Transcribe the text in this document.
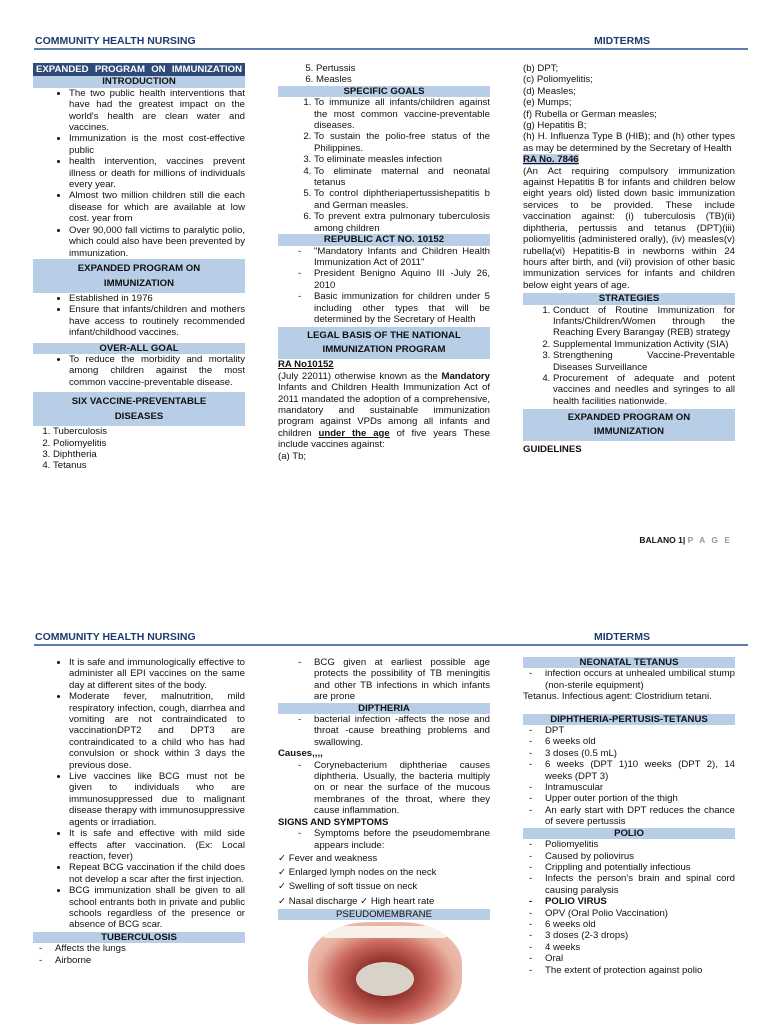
COMMUNITY HEALTH NURSING	MIDTERMS
EXPANDED PROGRAM ON IMMUNIZATION
INTRODUCTION
• The two public health interventions that have had the greatest impact on the world's health are clean water and vaccines.
• Immunization is the most cost-effective public
• health intervention, vaccines prevent illness or death for millions of individuals every year.
• Almost two million children still die each disease for which are available at low cost. year from
• Over 90,000 fall victims to paralytic polio, which could also have been prevented by immunization.
EXPANDED PROGRAM ON IMMUNIZATION
• Established in 1976
• Ensure that infants/children and mothers have access to routinely recommended infant/childhood vaccines.
OVER-ALL GOAL
• To reduce the morbidity and mortality among children against the most common vaccine-preventable disease.
SIX VACCINE-PREVENTABLE DISEASES
1. Tuberculosis
2. Poliomyelitis
3. Diphtheria
4. Tetanus
5. Pertussis
6. Measles
SPECIFIC GOALS
1. To immunize all infants/children against the most common vaccine-preventable diseases.
2. To sustain the polio-free status of the Philippines.
3. To eliminate measles infection
4. To eliminate maternal and neonatal tetanus
5. To control diphtheriapertussishepatitis b and German measles.
6. To prevent extra pulmonary tuberculosis among children
REPUBLIC ACT NO. 10152
- "Mandatory Infants and Children Health Immunization Act of 2011"
- President Benigno Aquino III -July 26, 2010
- Basic immunization for children under 5 including other types that will be determined by the Secretary of Health
LEGAL BASIS OF THE NATIONAL IMMUNIZATION PROGRAM
RA No10152
(July 22011) otherwise known as the Mandatory Infants and Children Health Immunization Act of 2011 mandated the adoption of a comprehensive, mandatory and sustainable immunization program against VPDs among all infants and children under the age of five years These include vaccines against:
(a) Tb;
(b) DPT;
(c) Poliomyelitis;
(d) Measles;
(e) Mumps;
(f) Rubella or German measles;
(g) Hepatitis B;
(h) H. Influenza Type B (HIB); and (h) other types as may be determined by the Secretary of Health
RA No. 7846
(An Act requiring compulsory immunization against Hepatitis B for infants and children below eight years old) listed down basic immunization services to be provided. These include vaccination against: (i) tuberculosis (TB)(ii) diphtheria, pertussis and tetanus (DPT)(iii) poliomyelitis (administered orally), (iv) measles(v) rubella(vi) Hepatitis-B in newborns within 24 hours after birth, and (vii) provision of other basic immunization services for infants and children below eight years of age.
STRATEGIES
1. Conduct of Routine Immunization for Infants/Children/Women through the Reaching Every Barangay (REB) strategy
2. Supplemental Immunization Activity (SIA)
3. Strengthening Vaccine-Preventable Diseases Surveillance
4. Procurement of adequate and potent vaccines and needles and syringes to all health facilities nationwide.
EXPANDED PROGRAM ON IMMUNIZATION
GUIDELINES
BALANO 1| P A G E
COMMUNITY HEALTH NURSING	MIDTERMS
• It is safe and immunologically effective to administer all EPI vaccines on the same day at different sites of the body.
• Moderate fever, malnutrition, mild respiratory infection, cough, diarrhea and vomiting are not contraindicated to vaccinationDPT2 and DPT3 are contraindicated to a child who has had convulsion or shock within 3 days the previous dose.
• Live vaccines like BCG must not be given to individuals who are immunosuppressed due to malignant disease therapy with immunosuppressive agents or irradiation.
• It is safe and effective with mild side effects after vaccination. (Ex: Local reaction, fever)
• Repeat BCG vaccination if the child does not develop a scar after the first injection.
• BCG immunization shall be given to all school entrants both in private and public schools regardless of the presence or absence of BCG scar.
TUBERCULOSIS
- Affects the lungs
- Airborne
- BCG given at earliest possible age protects the possibility of TB meningitis and other TB infections in which infants are prone
DIPTHERIA
- bacterial infection -affects the nose and throat -cause breathing problems and swallowing.
Causes,,,,
- Corynebacterium diphtheriae causes diphtheria. Usually, the bacteria multiply on or near the surface of the mucous membranes of the throat, where they cause inflammation.
SIGNS AND SYMPTOMS
- Symptoms before the pseudomembrane appears include:
✓ Fever and weakness
✓ Enlarged lymph nodes on the neck
✓ Swelling of soft tissue on neck
✓ Nasal discharge ✓ High heart rate
PSEUDOMEMBRANE
NEONATAL TETANUS
- infection occurs at unhealed umbilical stump (non-sterile equipment)
Tetanus. Infectious agent: Clostridium tetani.
DIPHTHERIA-PERTUSIS-TETANUS
- DPT
- 6 weeks old
- 3 doses (0.5 mL)
- 6 weeks (DPT 1)10 weeks (DPT 2), 14 weeks (DPT 3)
- Intramuscular
- Upper outer portion of the thigh
- An early start with DPT reduces the chance of severe pertussis
POLIO
- Poliomyelitis
- Caused by poliovirus
- Crippling and potentially infectious
- Infects the person's brain and spinal cord causing paralysis
- POLIO VIRUS
- OPV (Oral Polio Vaccination)
- 6 weeks old
- 3 doses (2-3 drops)
- 4 weeks
- Oral
- The extent of protection against polio
